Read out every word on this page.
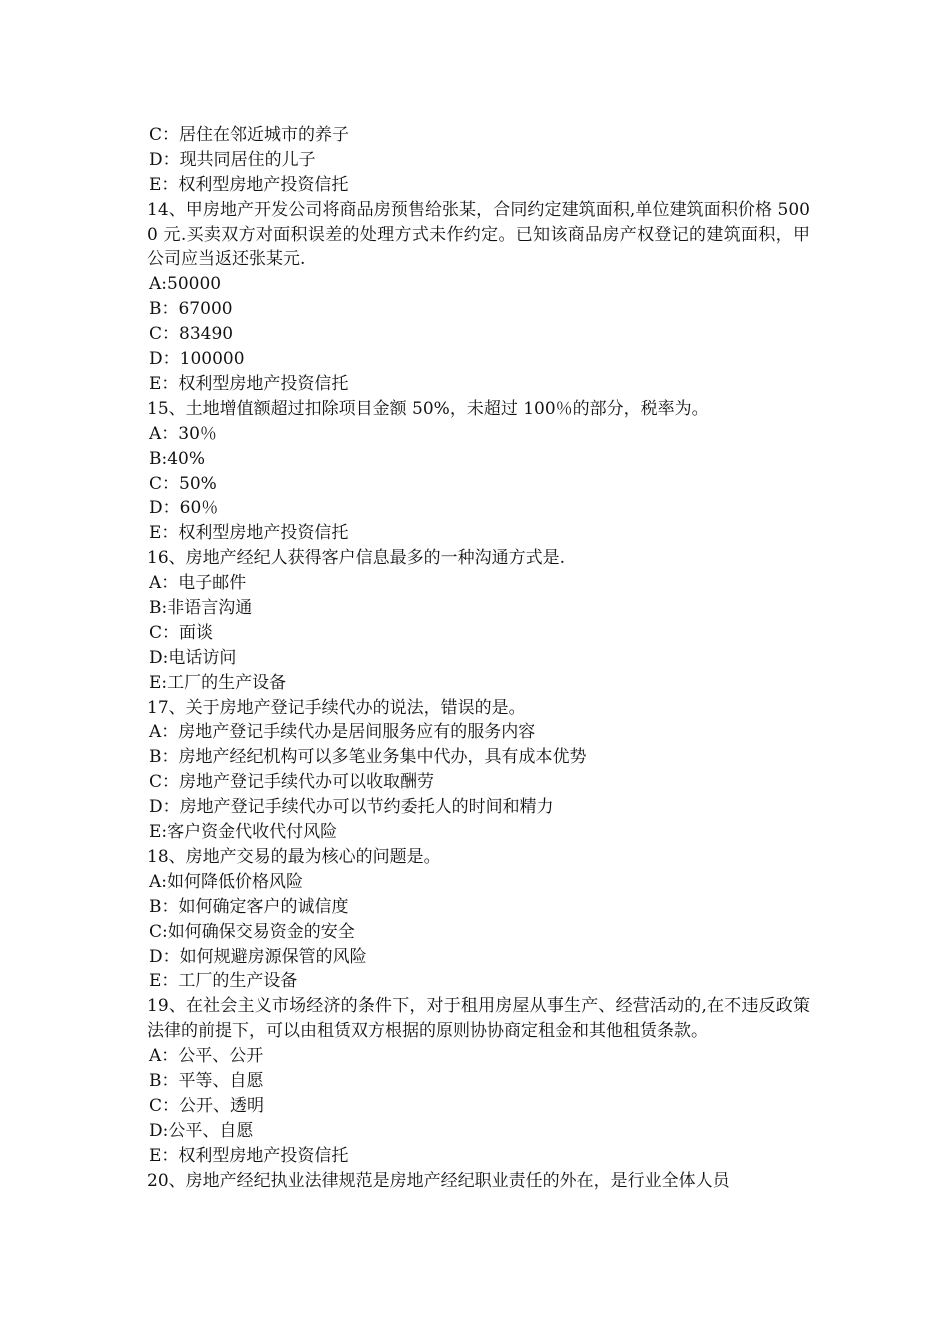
C：居住在邻近城市的养子
D：现共同居住的儿子
E：权利型房地产投资信托
14、甲房地产开发公司将商品房预售给张某，合同约定建筑面积,单位建筑面积价格 5000 元.买卖双方对面积误差的处理方式未作约定。已知该商品房产权登记的建筑面积，甲公司应当返还张某元.
A:50000
B：67000
C：83490
D：100000
E：权利型房地产投资信托
15、土地增值额超过扣除项目金额 50%，未超过 100％的部分，税率为。
A：30％
B:40%
C：50%
D：60％
E：权利型房地产投资信托
16、房地产经纪人获得客户信息最多的一种沟通方式是.
A：电子邮件
B:非语言沟通
C：面谈
D:电话访问
E:工厂的生产设备
17、关于房地产登记手续代办的说法，错误的是。
A：房地产登记手续代办是居间服务应有的服务内容
B：房地产经纪机构可以多笔业务集中代办，具有成本优势
C：房地产登记手续代办可以收取酬劳
D：房地产登记手续代办可以节约委托人的时间和精力
E:客户资金代收代付风险
18、房地产交易的最为核心的问题是。
A:如何降低价格风险
B：如何确定客户的诚信度
C:如何确保交易资金的安全
D：如何规避房源保管的风险
E：工厂的生产设备
19、在社会主义市场经济的条件下，对于租用房屋从事生产、经营活动的,在不违反政策法律的前提下，可以由租赁双方根据的原则协协商定租金和其他租赁条款。
A：公平、公开
B：平等、自愿
C：公开、透明
D:公平、自愿
E：权利型房地产投资信托
20、房地产经纪执业法律规范是房地产经纪职业责任的外在，是行业全体人员
